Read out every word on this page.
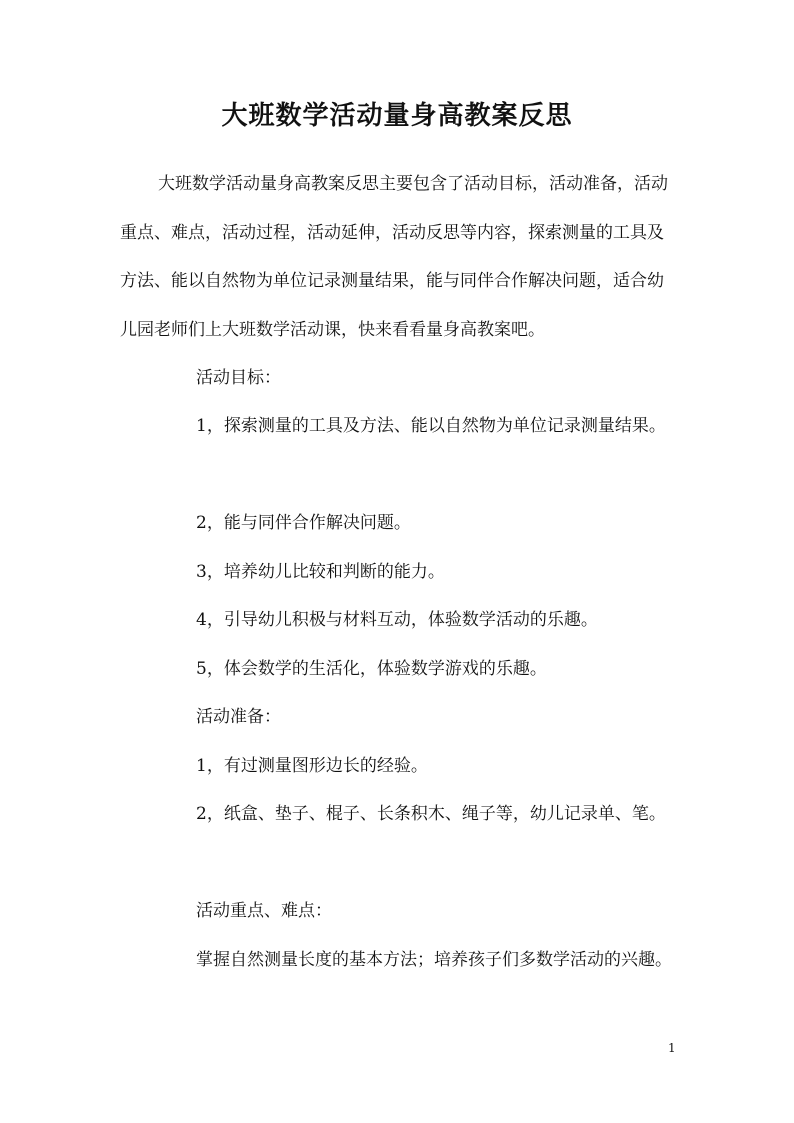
大班数学活动量身高教案反思

大班数学活动量身高教案反思主要包含了活动目标，活动准备，活动重点、难点，活动过程，活动延伸，活动反思等内容，探索测量的工具及方法、能以自然物为单位记录测量结果，能与同伴合作解决问题，适合幼儿园老师们上大班数学活动课，快来看看量身高教案吧。

活动目标：

1，探索测量的工具及方法、能以自然物为单位记录测量结果。

2，能与同伴合作解决问题。

3，培养幼儿比较和判断的能力。

4，引导幼儿积极与材料互动，体验数学活动的乐趣。

5，体会数学的生活化，体验数学游戏的乐趣。

活动准备：

1，有过测量图形边长的经验。

2，纸盒、垫子、棍子、长条积木、绳子等，幼儿记录单、笔。

活动重点、难点：

掌握自然测量长度的基本方法；培养孩子们多数学活动的兴趣。

1
